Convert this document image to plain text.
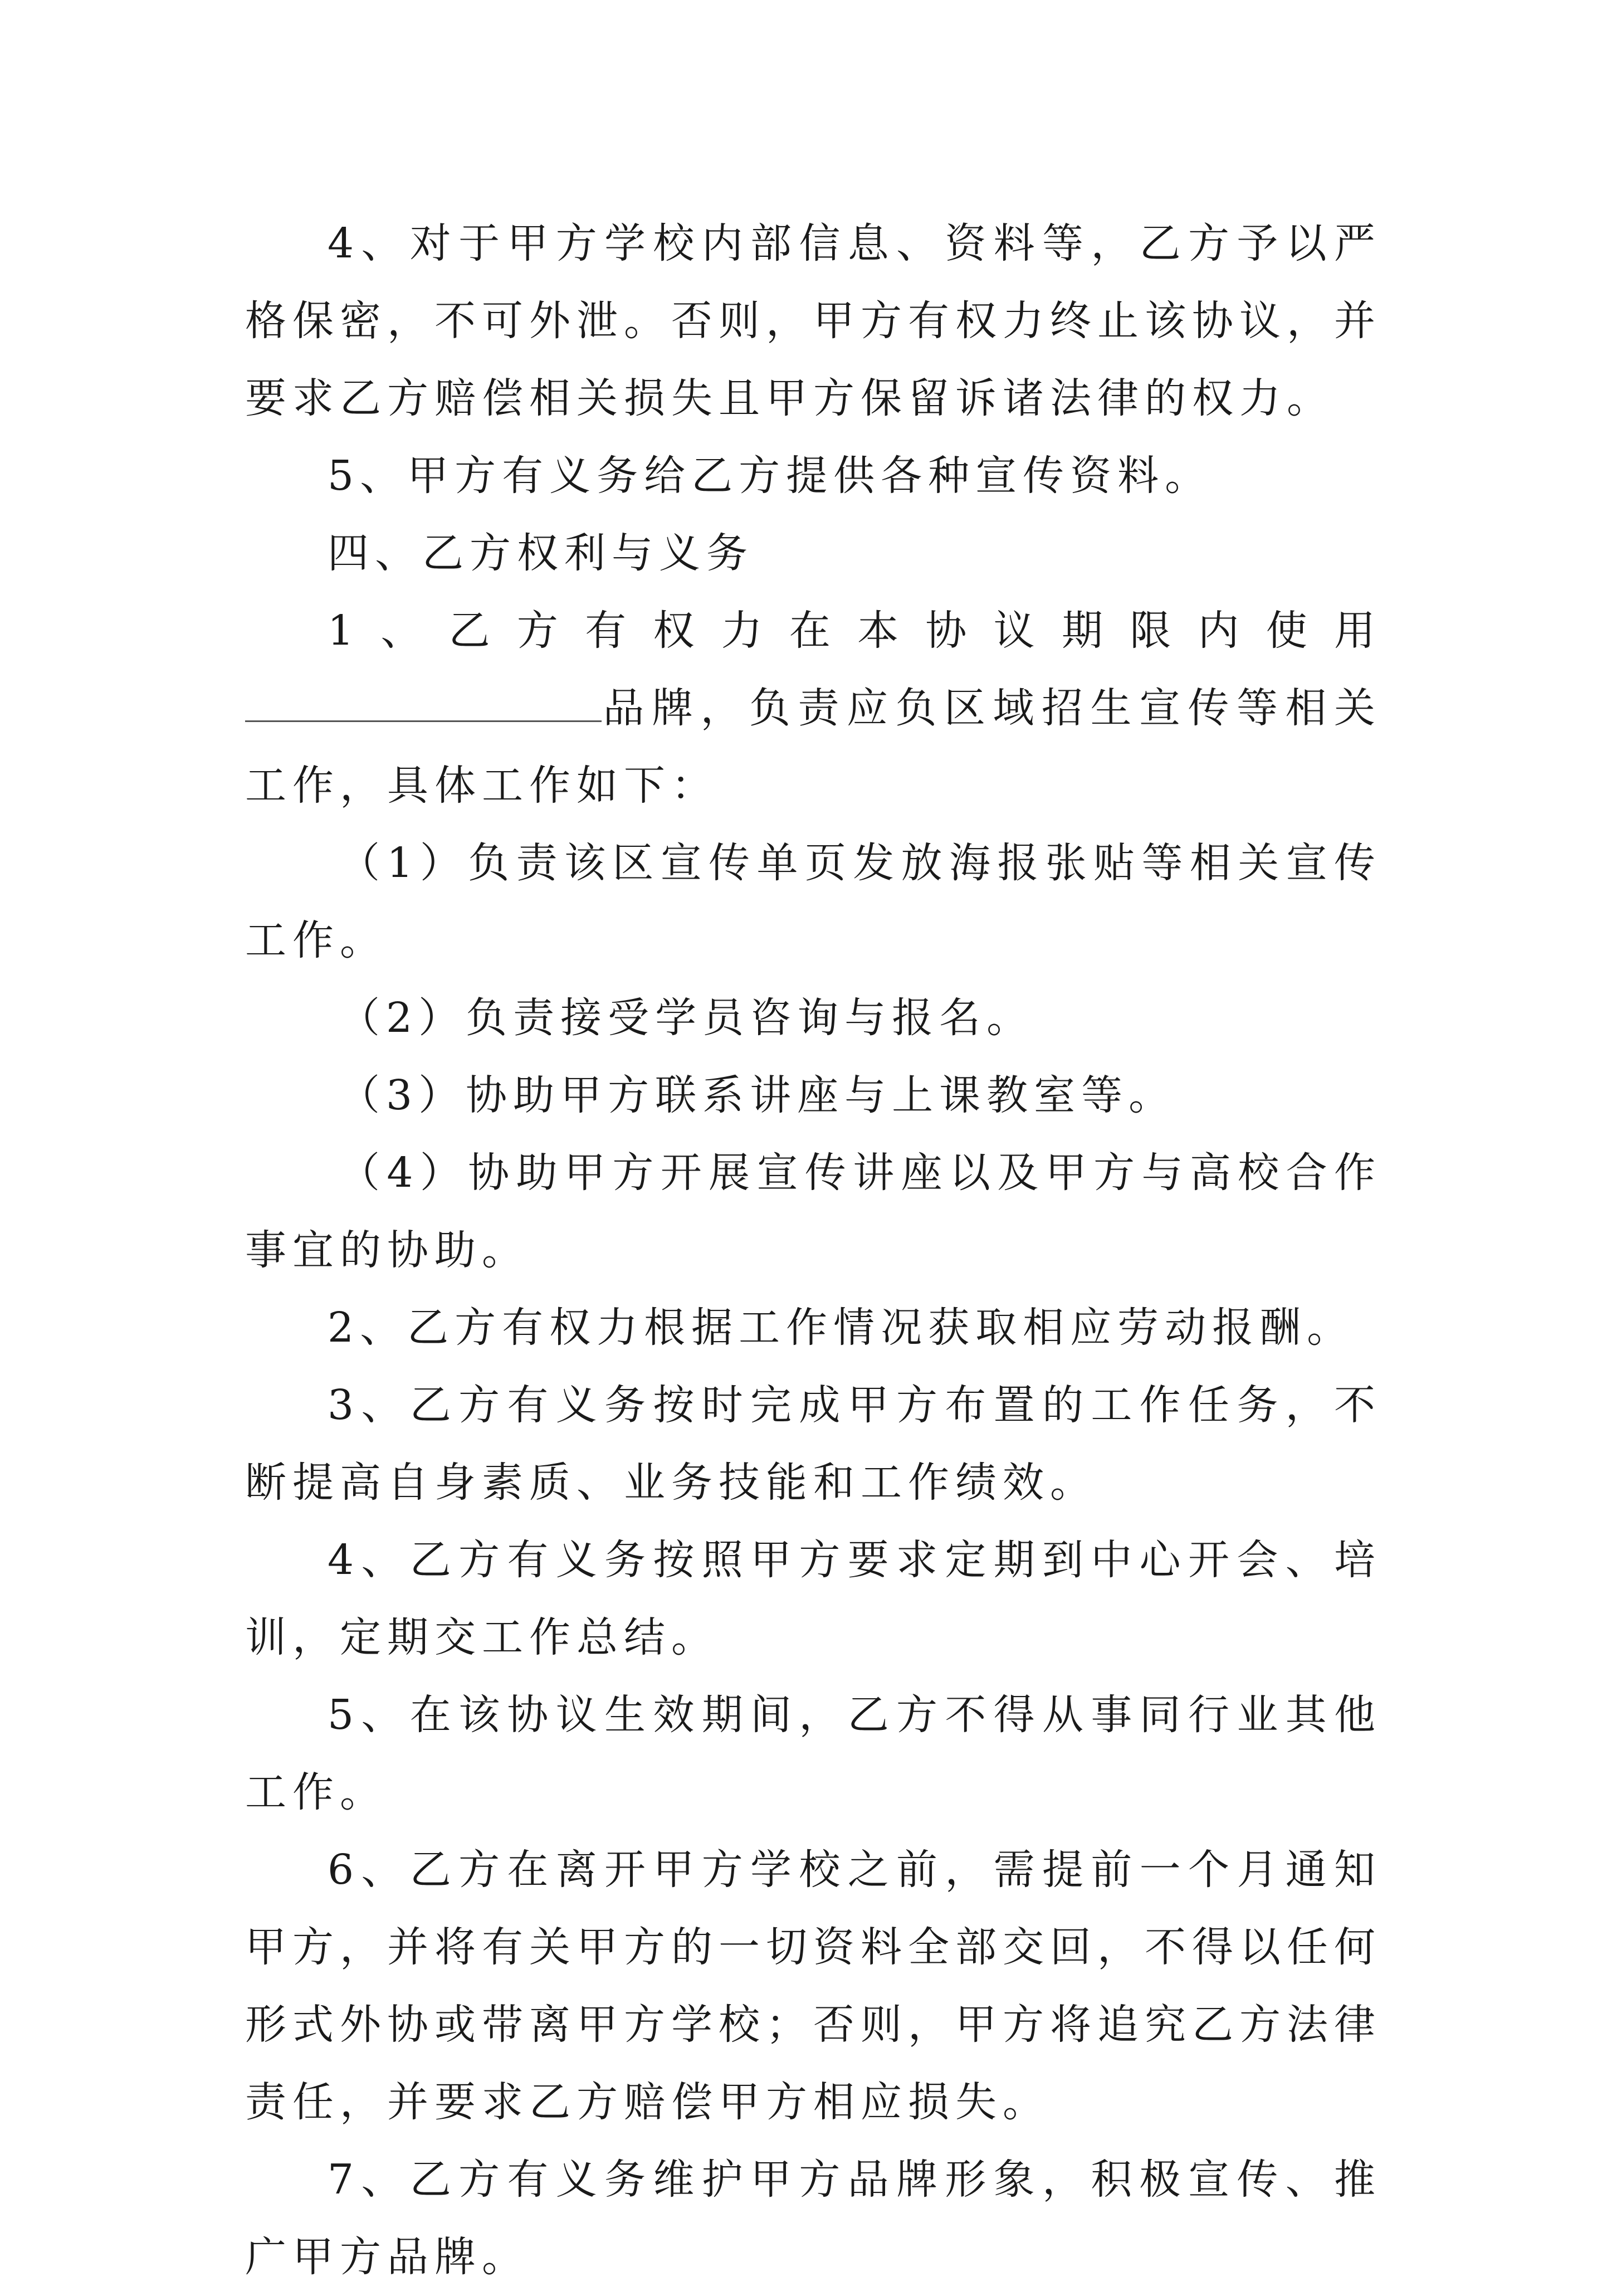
4、对于甲方学校内部信息、资料等，乙方予以严格保密，不可外泄。否则，甲方有权力终止该协议，并要求乙方赔偿相关损失且甲方保留诉诸法律的权力。

5、甲方有义务给乙方提供各种宣传资料。

四、乙方权利与义务

1、乙方有权力在本协议期限内使用品牌，负责应负区域招生宣传等相关工作，具体工作如下：

（1）负责该区宣传单页发放海报张贴等相关宣传工作。

（2）负责接受学员咨询与报名。

（3）协助甲方联系讲座与上课教室等。

（4）协助甲方开展宣传讲座以及甲方与高校合作事宜的协助。

2、乙方有权力根据工作情况获取相应劳动报酬。

3、乙方有义务按时完成甲方布置的工作任务，不断提高自身素质、业务技能和工作绩效。

4、乙方有义务按照甲方要求定期到中心开会、培训，定期交工作总结。

5、在该协议生效期间，乙方不得从事同行业其他工作。

6、乙方在离开甲方学校之前，需提前一个月通知甲方，并将有关甲方的一切资料全部交回，不得以任何形式外协或带离甲方学校；否则，甲方将追究乙方法律责任，并要求乙方赔偿甲方相应损失。

7、乙方有义务维护甲方品牌形象，积极宣传、推广甲方品牌。
